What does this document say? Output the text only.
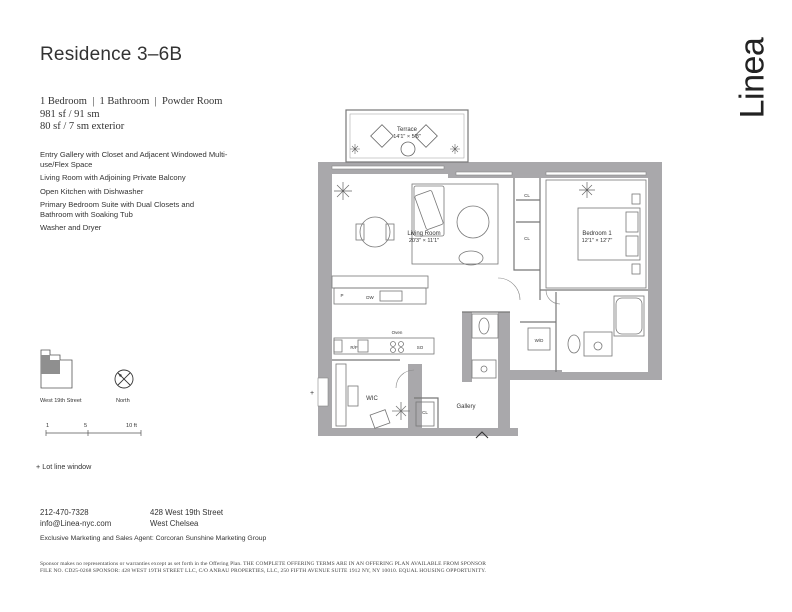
Residence 3–6B
1 Bedroom  |  1 Bathroom  |  Powder Room
981 sf / 91 sm
80 sf / 7 sm exterior
Entry Gallery with Closet and Adjacent Windowed Multi-use/Flex Space
Living Room with Adjoining Private Balcony
Open Kitchen with Dishwasher
Primary Bedroom Suite with Dual Closets and Bathroom with Soaking Tub
Washer and Dryer
Linea
West 19th Street	North
1	5	10 ft
+ Lot line window
212-470-7328
info@Linea-nyc.com
428 West 19th Street
West Chelsea
Exclusive Marketing and Sales Agent: Corcoran Sunshine Marketing Group
Sponsor makes no representations or warranties except as set forth in the Offering Plan. THE COMPLETE OFFERING TERMS ARE IN AN OFFERING PLAN AVAILABLE FROM SPONSOR
FILE NO. CD25-0268 SPONSOR: 428 WEST 19TH STREET LLC, C/O ANBAU PROPERTIES, LLC, 250 FIFTH AVENUE SUITE 1912 NY, NY 10010. EQUAL HOUSING OPPORTUNITY.
Terrace
14'1" × 5'8"
Living Room
20'3" × 11'1"
P	DW
R/F
Oven
SO
CL
CL
Bedroom 1
12'1" × 12'7"
W/D
WIC
CL
Gallery
+
